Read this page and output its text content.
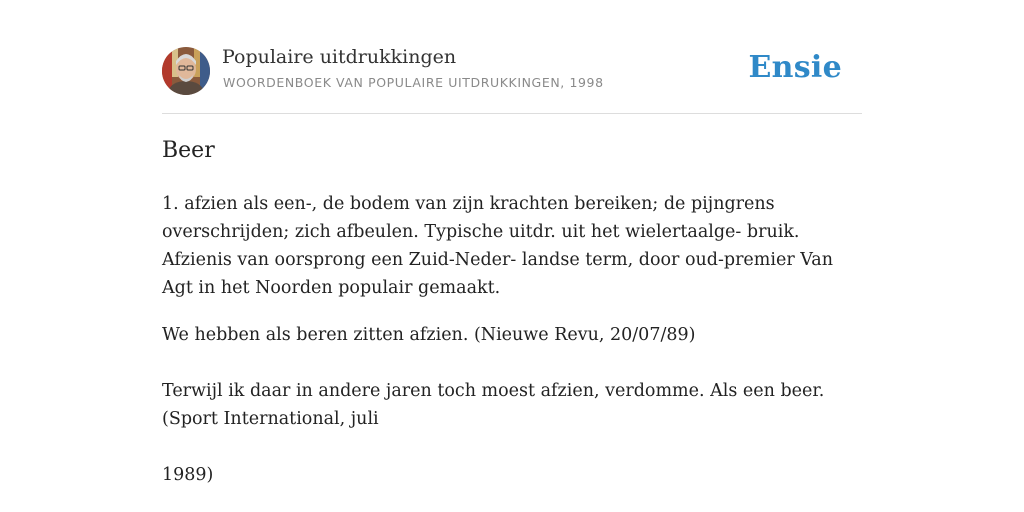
Populaire uitdrukkingen
WOORDENBOEK VAN POPULAIRE UITDRUKKINGEN, 1998	Ensie
Beer

1. afzien als een-, de bodem van zijn krachten bereiken; de pijngrens overschrijden; zich afbeulen. Typische uitdr. uit het wielertaalge- bruik. Afzienis van oorsprong een Zuid-Neder- landse term, door oud-premier Van Agt in het Noorden populair gemaakt.

We hebben als beren zitten afzien. (Nieuwe Revu, 20/07/89)

Terwijl ik daar in andere jaren toch moest afzien, verdomme. Als een beer. (Sport International, juli

1989)
